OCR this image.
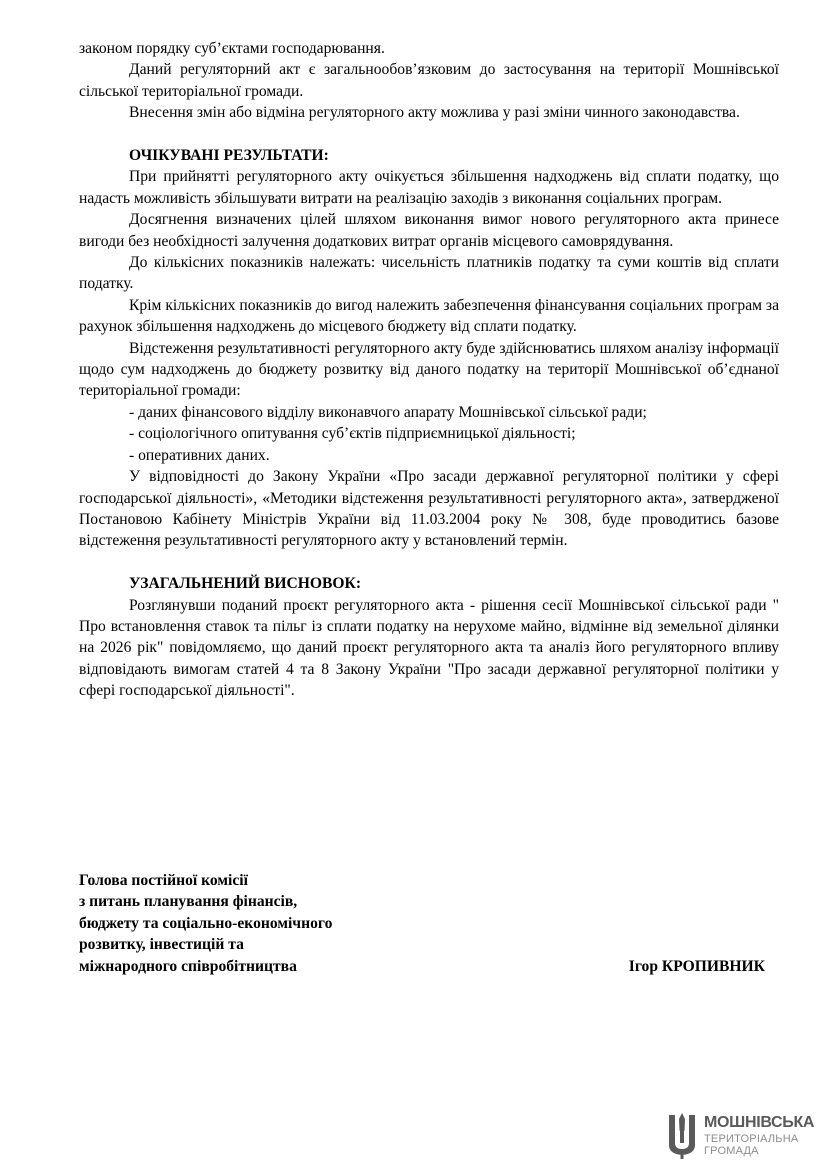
законом порядку суб’єктами господарювання.

Даний регуляторний акт є загальнообов’язковим до застосування на території Мошнівської сільської територіальної громади.

Внесення змін або відміна регуляторного акту можлива у разі зміни чинного законодавства.

ОЧІКУВАНІ РЕЗУЛЬТАТИ:

При прийнятті регуляторного акту очікується збільшення надходжень від сплати податку, що надасть можливість збільшувати витрати на реалізацію заходів з виконання соціальних програм.

Досягнення визначених цілей шляхом виконання вимог нового регуляторного акта принесе вигоди без необхідності залучення додаткових витрат органів місцевого самоврядування.

До кількісних показників належать: чисельність платників податку та суми коштів від сплати податку.

Крім кількісних показників до вигод належить забезпечення фінансування соціальних програм за рахунок збільшення надходжень до місцевого бюджету від сплати податку.

Відстеження результативності регуляторного акту буде здійснюватись шляхом аналізу інформації щодо сум надходжень до бюджету розвитку від даного податку на території Мошнівської об’єднаної територіальної громади:

- даних фінансового відділу виконавчого апарату Мошнівської сільської ради;

- соціологічного опитування суб’єктів підприємницької діяльності;

- оперативних даних.

У відповідності до Закону України «Про засади державної регуляторної політики у сфері господарської діяльності», «Методики відстеження результативності регуляторного акта», затвердженої Постановою Кабінету Міністрів України від 11.03.2004 року № 308, буде проводитись базове відстеження результативності регуляторного акту у встановлений термін.

УЗАГАЛЬНЕНИЙ ВИСНОВОК:

Розглянувши поданий проєкт регуляторного акта - рішення сесії Мошнівської сільської ради " Про встановлення ставок та пільг із сплати податку на нерухоме майно, відмінне від земельної ділянки на 2026 рік" повідомляємо, що даний проєкт регуляторного акта та аналіз його регуляторного впливу відповідають вимогам статей 4 та 8 Закону України "Про засади державної регуляторної політики у сфері господарської діяльності".

Голова постійної комісії
з питань планування фінансів,
бюджету та соціально-економічного
розвитку, інвестицій та
міжнародного співробітництва	Ігор КРОПИВНИК
МОШНІВСЬКА
ТЕРИТОРІАЛЬНА
ГРОМАДА
